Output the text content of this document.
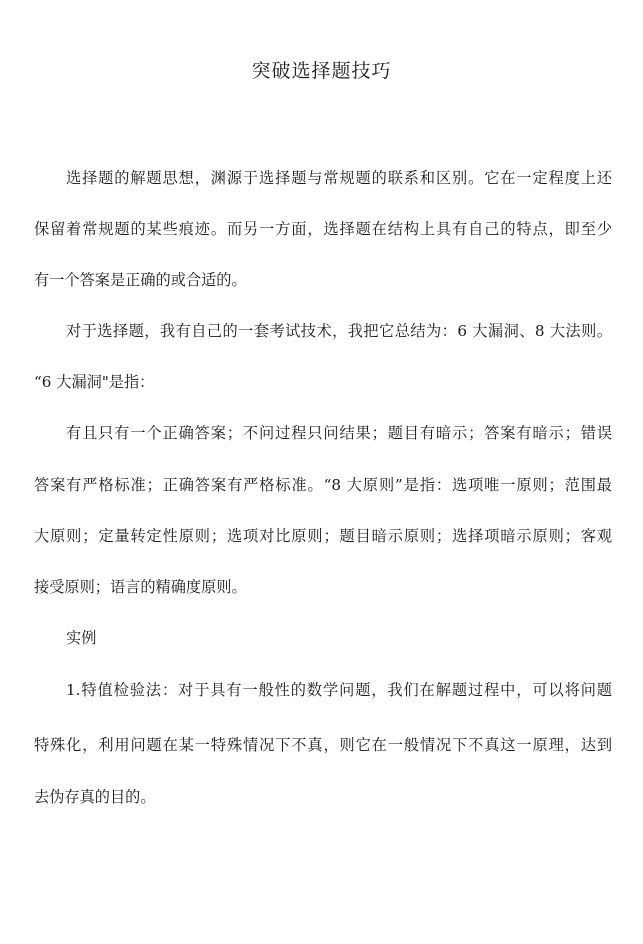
突破选择题技巧
选择题的解题思想，渊源于选择题与常规题的联系和区别。它在一定程度上还
保留着常规题的某些痕迹。而另一方面，选择题在结构上具有自己的特点，即至少
有一个答案是正确的或合适的。
对于选择题，我有自己的一套考试技术，我把它总结为：6 大漏洞、8 大法则。
“6 大漏洞"是指：
有且只有一个正确答案；不问过程只问结果；题目有暗示；答案有暗示；错误
答案有严格标准；正确答案有严格标准。“8 大原则”是指：选项唯一原则；范围最
大原则；定量转定性原则；选项对比原则；题目暗示原则；选择项暗示原则；客观
接受原则；语言的精确度原则。
实例
1.特值检验法：对于具有一般性的数学问题，我们在解题过程中，可以将问题
特殊化，利用问题在某一特殊情况下不真，则它在一般情况下不真这一原理，达到
去伪存真的目的。
